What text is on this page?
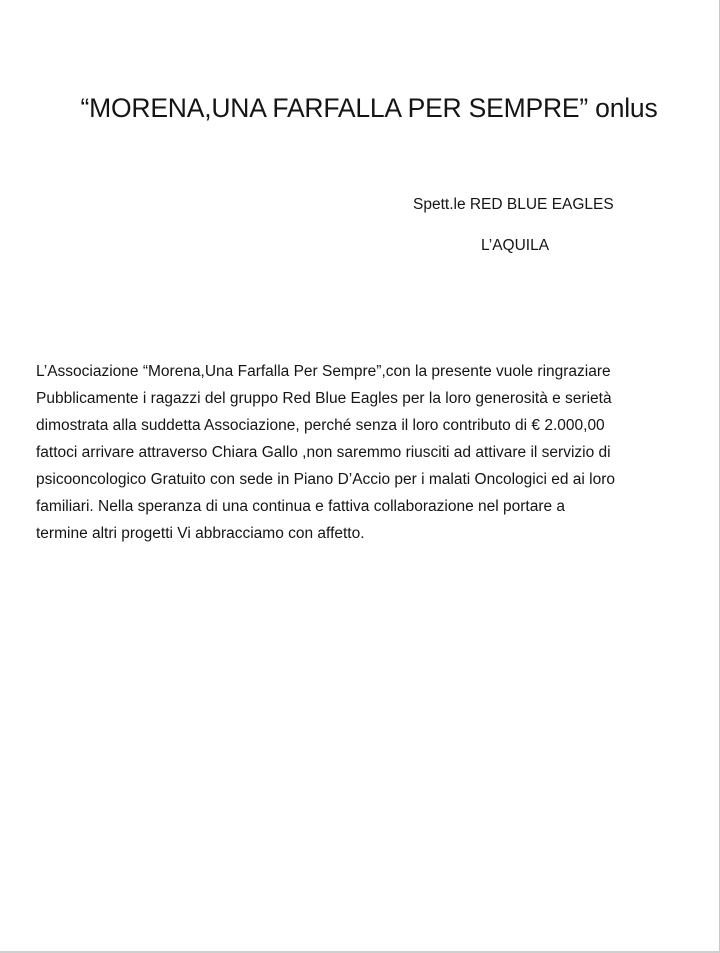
“MORENA,UNA FARFALLA PER SEMPRE” onlus
Spett.le RED BLUE EAGLES
L’AQUILA

L’Associazione “Morena,Una Farfalla Per Sempre”,con la presente vuole ringraziare
Pubblicamente i ragazzi del gruppo Red Blue Eagles per la loro generosità e serietà
dimostrata alla suddetta Associazione, perché senza il loro contributo di € 2.000,00
fattoci arrivare attraverso Chiara Gallo ,non saremmo riusciti ad attivare il servizio di
psicooncologico Gratuito con sede in Piano D’Accio per i malati Oncologici ed ai loro
familiari. Nella speranza di una continua e fattiva collaborazione nel portare a
termine altri progetti Vi abbracciamo con affetto.
